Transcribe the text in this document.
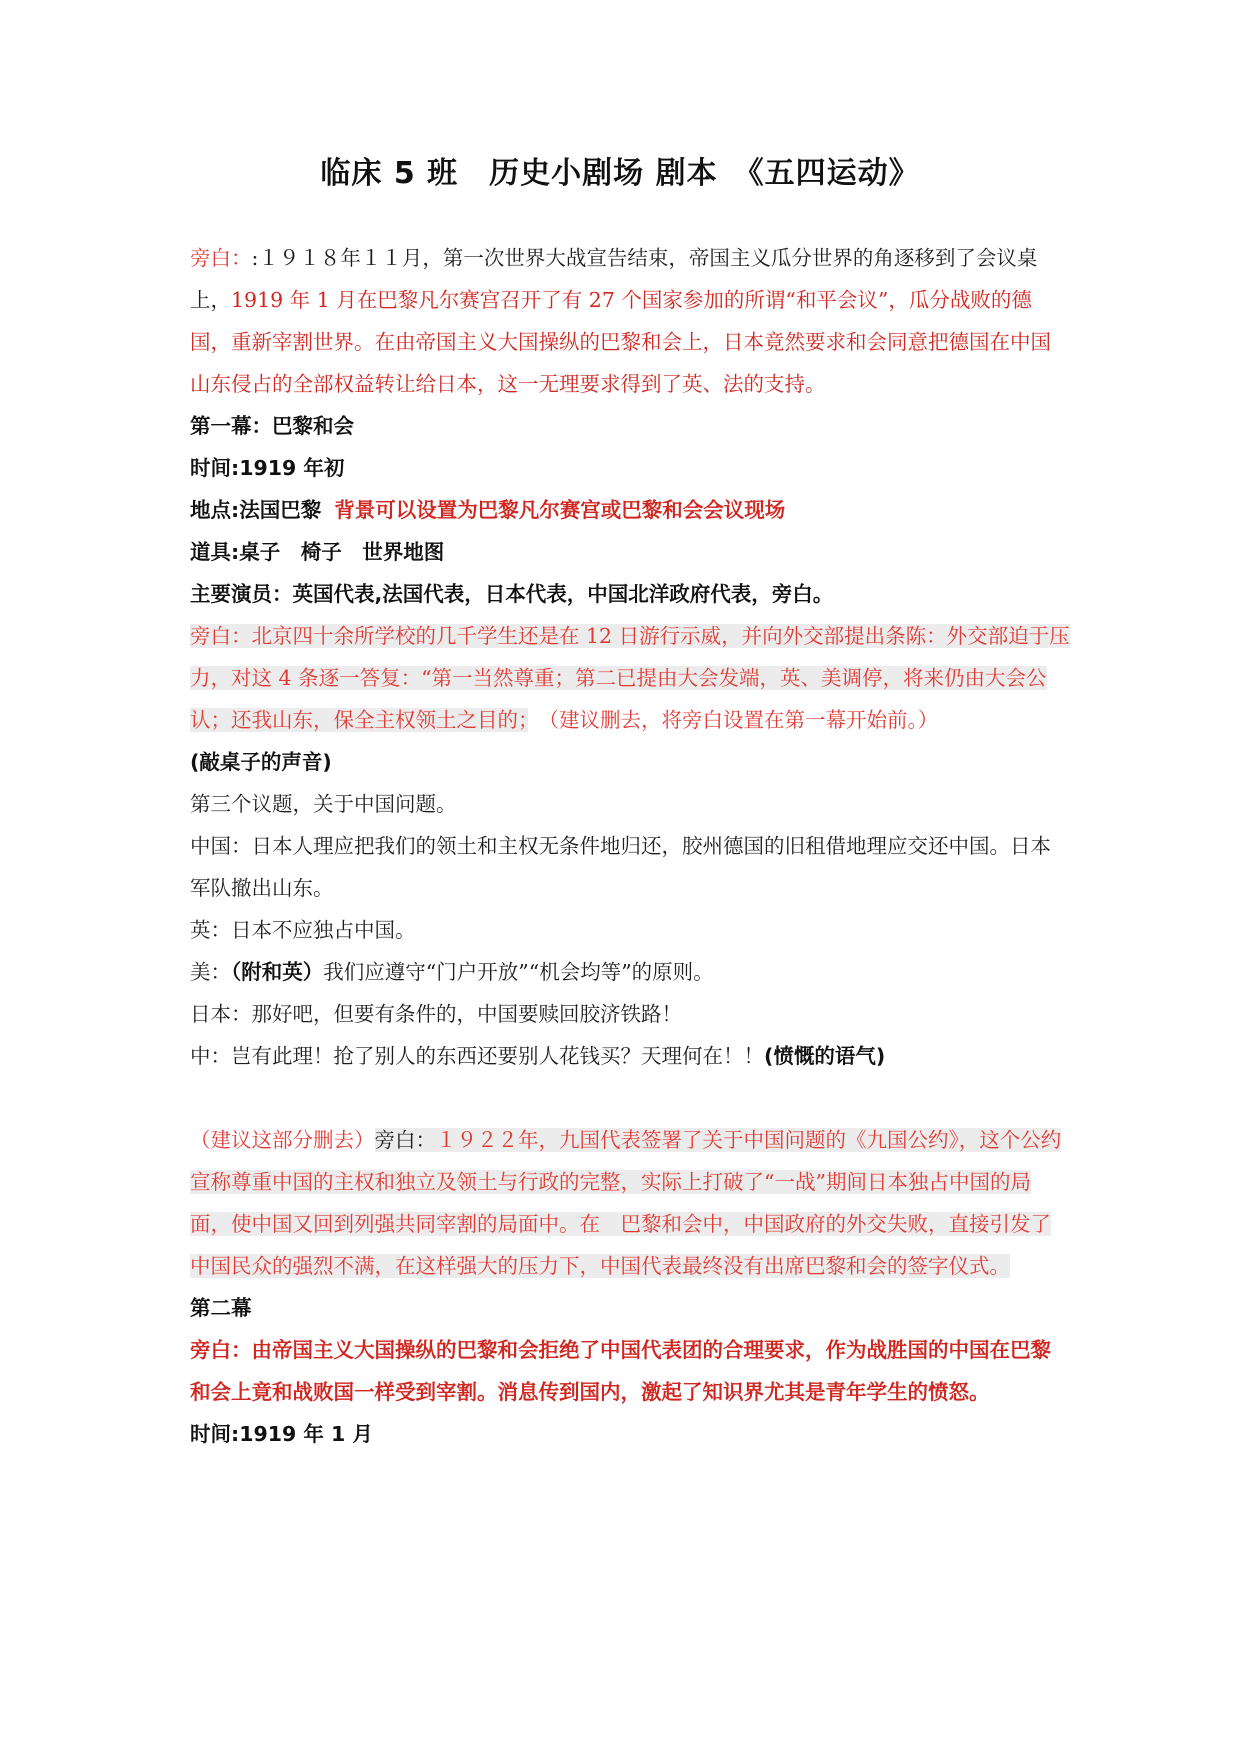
临床 5 班　历史小剧场 剧本　《五四运动》

旁白：:１９１８年１１月，第一次世界大战宣告结束，帝国主义瓜分世界的角逐移到了会议桌上，1919 年 1 月在巴黎凡尔赛宫召开了有 27 个国家参加的所谓“和平会议”，瓜分战败的德国，重新宰割世界。在由帝国主义大国操纵的巴黎和会上，日本竟然要求和会同意把德国在中国山东侵占的全部权益转让给日本，这一无理要求得到了英、法的支持。

第一幕：巴黎和会

时间:1919 年初

地点:法国巴黎 背景可以设置为巴黎凡尔赛宫或巴黎和会会议现场

道具:桌子　椅子　世界地图

主要演员：英国代表,法国代表，日本代表，中国北洋政府代表，旁白。

旁白：北京四十余所学校的几千学生还是在 12 日游行示威，并向外交部提出条陈：外交部迫于压力，对这 4 条逐一答复：“第一当然尊重；第二已提由大会发端，英、美调停，将来仍由大会公认；还我山东，保全主权领土之目的；　（建议删去，将旁白设置在第一幕开始前。）

(敲桌子的声音)

第三个议题，关于中国问题。

中国：日本人理应把我们的领土和主权无条件地归还，胶州德国的旧租借地理应交还中国。日本军队撤出山东。

英：日本不应独占中国。

美：（附和英）我们应遵守“门户开放”“机会均等”的原则。

日本：那好吧，但要有条件的，中国要赎回胶济铁路！

中：岂有此理！抢了别人的东西还要别人花钱买？天理何在！！(愤慨的语气)

（建议这部分删去）旁白：１９２２年，九国代表签署了关于中国问题的《九国公约》，这个公约宣称尊重中国的主权和独立及领土与行政的完整，实际上打破了“一战”期间日本独占中国的局面，使中国又回到列强共同宰割的局面中。在　巴黎和会中，中国政府的外交失败，直接引发了中国民众的强烈不满，在这样强大的压力下，中国代表最终没有出席巴黎和会的签字仪式。

第二幕

旁白：由帝国主义大国操纵的巴黎和会拒绝了中国代表团的合理要求，作为战胜国的中国在巴黎和会上竟和战败国一样受到宰割。消息传到国内，激起了知识界尤其是青年学生的愤怒。

时间:1919 年 1 月
